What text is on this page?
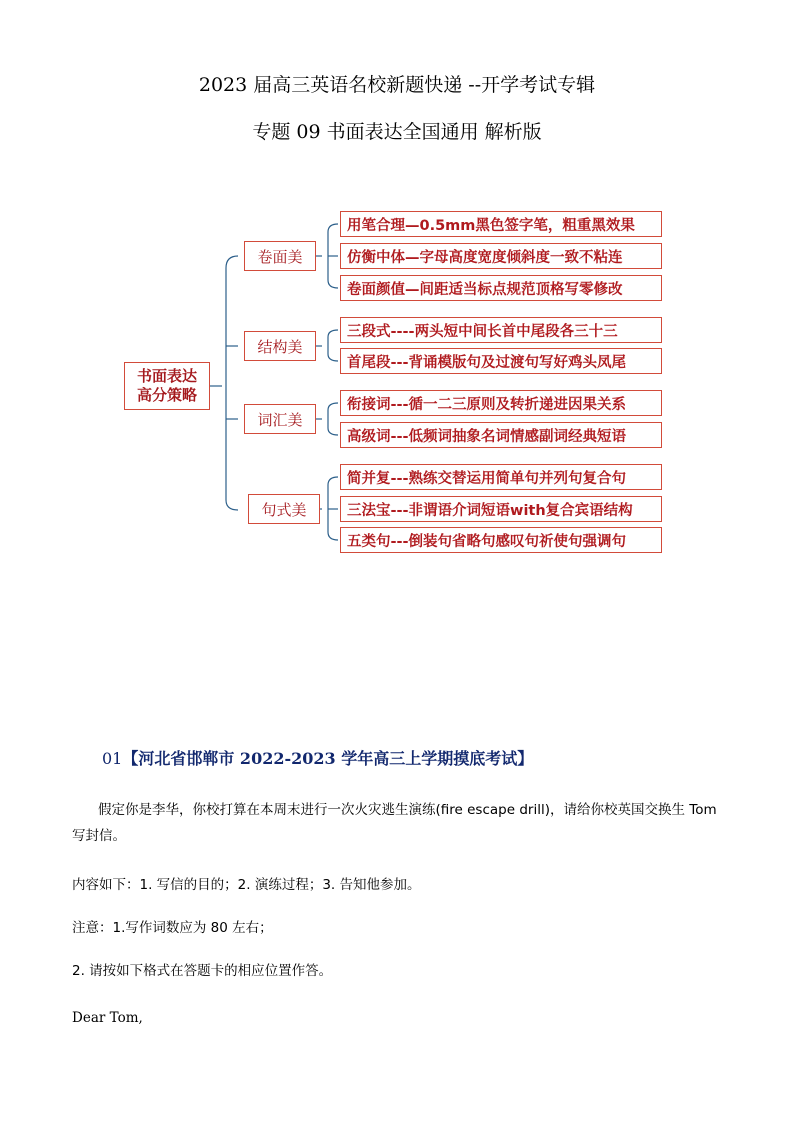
2023 届高三英语名校新题快递 --开学考试专辑
专题 09 书面表达全国通用 解析版
书面表达
高分策略
卷面美
结构美
词汇美
句式美
用笔合理—0.5mm黑色签字笔，粗重黑效果
仿衡中体—字母高度宽度倾斜度一致不粘连
卷面颜值—间距适当标点规范顶格写零修改
三段式----两头短中间长首中尾段各三十三
首尾段---背诵模版句及过渡句写好鸡头凤尾
衔接词---循一二三原则及转折递进因果关系
高级词---低频词抽象名词情感副词经典短语
简并复---熟练交替运用简单句并列句复合句
三法宝---非谓语介词短语with复合宾语结构
五类句---倒装句省略句感叹句祈使句强调句
01【河北省邯郸市 2022-2023 学年高三上学期摸底考试】
假定你是李华，你校打算在本周末进行一次火灾逃生演练(fire escape drill)，请给你校英国交换生 Tom 写封信。
内容如下：1. 写信的目的；2. 演练过程；3. 告知他参加。
注意：1.写作词数应为 80 左右；
2. 请按如下格式在答题卡的相应位置作答。
Dear Tom,
